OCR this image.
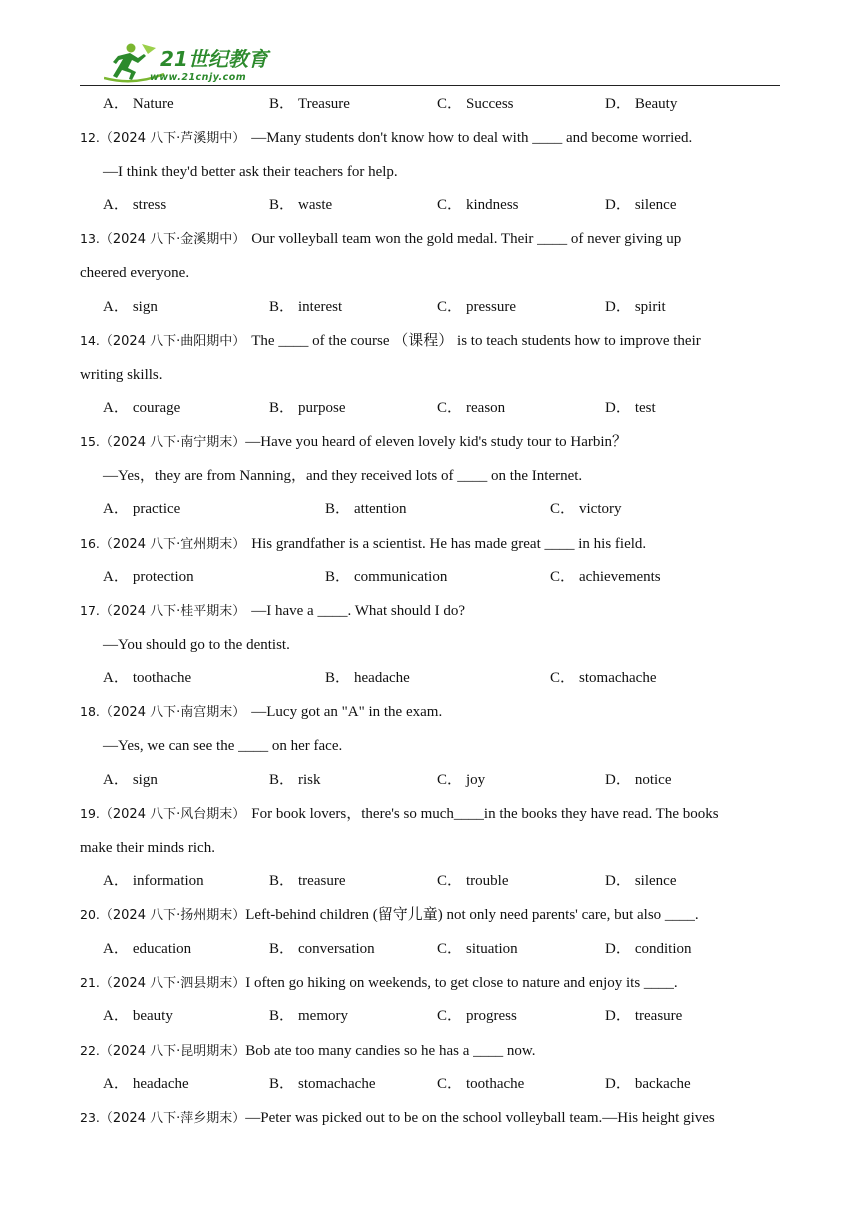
21世纪教育
www.21cnjy.com
A． Nature	B． Treasure	C． Success	D． Beauty
12.（2024 八下·芦溪期中） —Many students don't know how to deal with ____ and become worried.
—I think they'd better ask their teachers for help.
A． stress	B． waste	C． kindness	D． silence
13.（2024 八下·金溪期中） Our volleyball team won the gold medal. Their ____ of never giving up
cheered everyone.
A． sign	B． interest	C． pressure	D． spirit
14.（2024 八下·曲阳期中） The ____ of the course （课程） is to teach students how to improve their
writing skills.
A． courage	B． purpose	C． reason	D． test
15.（2024 八下·南宁期末）—Have you heard of eleven lovely kid's study tour to Harbin？
—Yes，they are from Nanning，and they received lots of ____ on the Internet.
A． practice	B． attention	C． victory
16.（2024 八下·宜州期末） His grandfather is a scientist. He has made great ____ in his field.
A． protection	B． communication	C． achievements
17.（2024 八下·桂平期末） —I have a ____. What should I do?
—You should go to the dentist.
A． toothache	B． headache	C． stomachache
18.（2024 八下·南宫期末） —Lucy got an "A" in the exam.
—Yes, we can see the ____ on her face.
A． sign	B． risk	C． joy	D． notice
19.（2024 八下·风台期末） For book lovers，there's so much____in the books they have read. The books
make their minds rich.
A． information	B． treasure	C． trouble	D． silence
20.（2024 八下·扬州期末）Left-behind children (留守儿童) not only need parents' care, but also ____.
A． education	B． conversation	C． situation	D． condition
21.（2024 八下·泗县期末）I often go hiking on weekends, to get close to nature and enjoy its ____.
A． beauty	B． memory	C． progress	D． treasure
22.（2024 八下·昆明期末）Bob ate too many candies so he has a ____ now.
A． headache	B． stomachache	C． toothache	D． backache
23.（2024 八下·萍乡期末）—Peter was picked out to be on the school volleyball team.—His height gives
